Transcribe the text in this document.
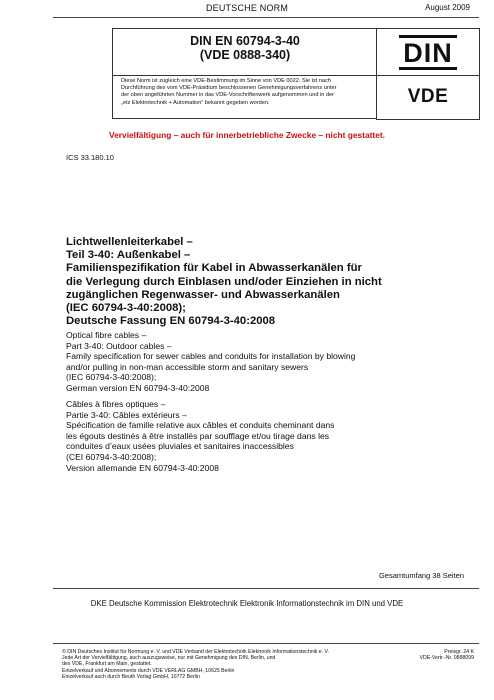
DEUTSCHE NORM	August 2009
DIN EN 60794-3-40
(VDE 0888-340)	DIN
Diese Norm ist zugleich eine VDE-Bestimmung im Sinne von VDE 0022. Sie ist nach
Durchführung des vom VDE-Präsidium beschlossenen Genehmigungsverfahrens unter
der oben angeführten Nummer in das VDE-Vorschriftenwerk aufgenommen und in der
„etz Elektrotechnik + Automation“ bekannt gegeben worden.	VDE
Vervielfältigung – auch für innerbetriebliche Zwecke – nicht gestattet.
ICS 33.180.10
Lichtwellenleiterkabel –
Teil 3-40: Außenkabel –
Familienspezifikation für Kabel in Abwasserkanälen für
die Verlegung durch Einblasen und/oder Einziehen in nicht
zugänglichen Regenwasser- und Abwasserkanälen
(IEC 60794-3-40:2008);
Deutsche Fassung EN 60794-3-40:2008
Optical fibre cables –
Part 3-40: Outdoor cables –
Family specification for sewer cables and conduits for installation by blowing
and/or pulling in non-man accessible storm and sanitary sewers
(IEC 60794-3-40:2008);
German version EN 60794-3-40:2008
Câbles à fibres optiques –
Partie 3-40: Câbles extérieurs –
Spécification de famille relative aux câbles et conduits cheminant dans
les égouts destinés à être installés par soufflage et/ou tirage dans les
conduites d’eaux usées pluviales et sanitaires inaccessibles
(CEI 60794-3-40:2008);
Version allemande EN 60794-3-40:2008
Gesamtumfang 38 Seiten
DKE Deutsche Kommission Elektrotechnik Elektronik Informationstechnik im DIN und VDE
© DIN Deutsches Institut für Normung e. V. und VDE Verband der Elektrotechnik Elektronik Informationstechnik e. V.
Jede Art der Vervielfältigung, auch auszugsweise, nur mit Genehmigung des DIN, Berlin, und
des VDE, Frankfurt am Main, gestattet.
Einzelverkauf und Abonnements durch VDE VERLAG GMBH, 10625 Berlin
Einzelverkauf auch durch Beuth Verlag GmbH, 10772 Berlin
Preisgr. 24 K
VDE-Vertr.-Nr. 0888099
